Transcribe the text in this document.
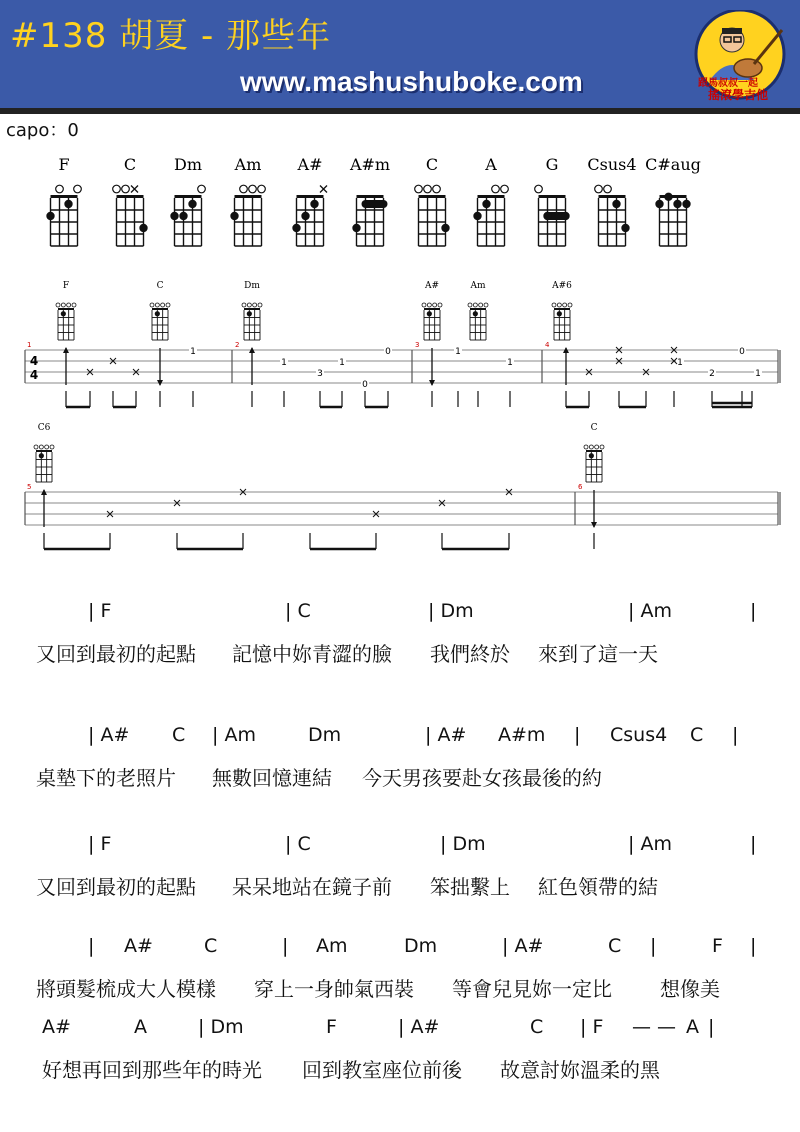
#138 胡夏 - 那些年
www.mashushuboke.com	跟馬叔叔一起
搖滾學吉他
capo：0
F	C Dm Am A# A#m C	A	G Csus4 C#aug
F	C	Dm	A#	Am	A#6
4
4
1	2	3	4
1
1	1
3
0
0
1
1
1
0
2	1
C6	C
5	6
| F	| C	| Dm	| Am	|
又回到最初的起點 記憶中妳青澀的臉 我們終於 來到了這一天
| A# C | Am	Dm	| A# A#m | Csus4 C |
桌墊下的老照片 無數回憶連結 今天男孩要赴女孩最後的約
| F	| C	| Dm	| Am	|
又回到最初的起點 呆呆地站在鏡子前 笨拙繫上 紅色領帶的結
| A#	C	| Am	Dm	| A#	C |	F |
將頭髮梳成大人模樣 穿上一身帥氣西裝 等會兒見妳一定比 想像美
A#	A	| Dm	F	| A#	C | F — — A |
好想再回到那些年的時光 回到教室座位前後 故意討妳溫柔的黑
